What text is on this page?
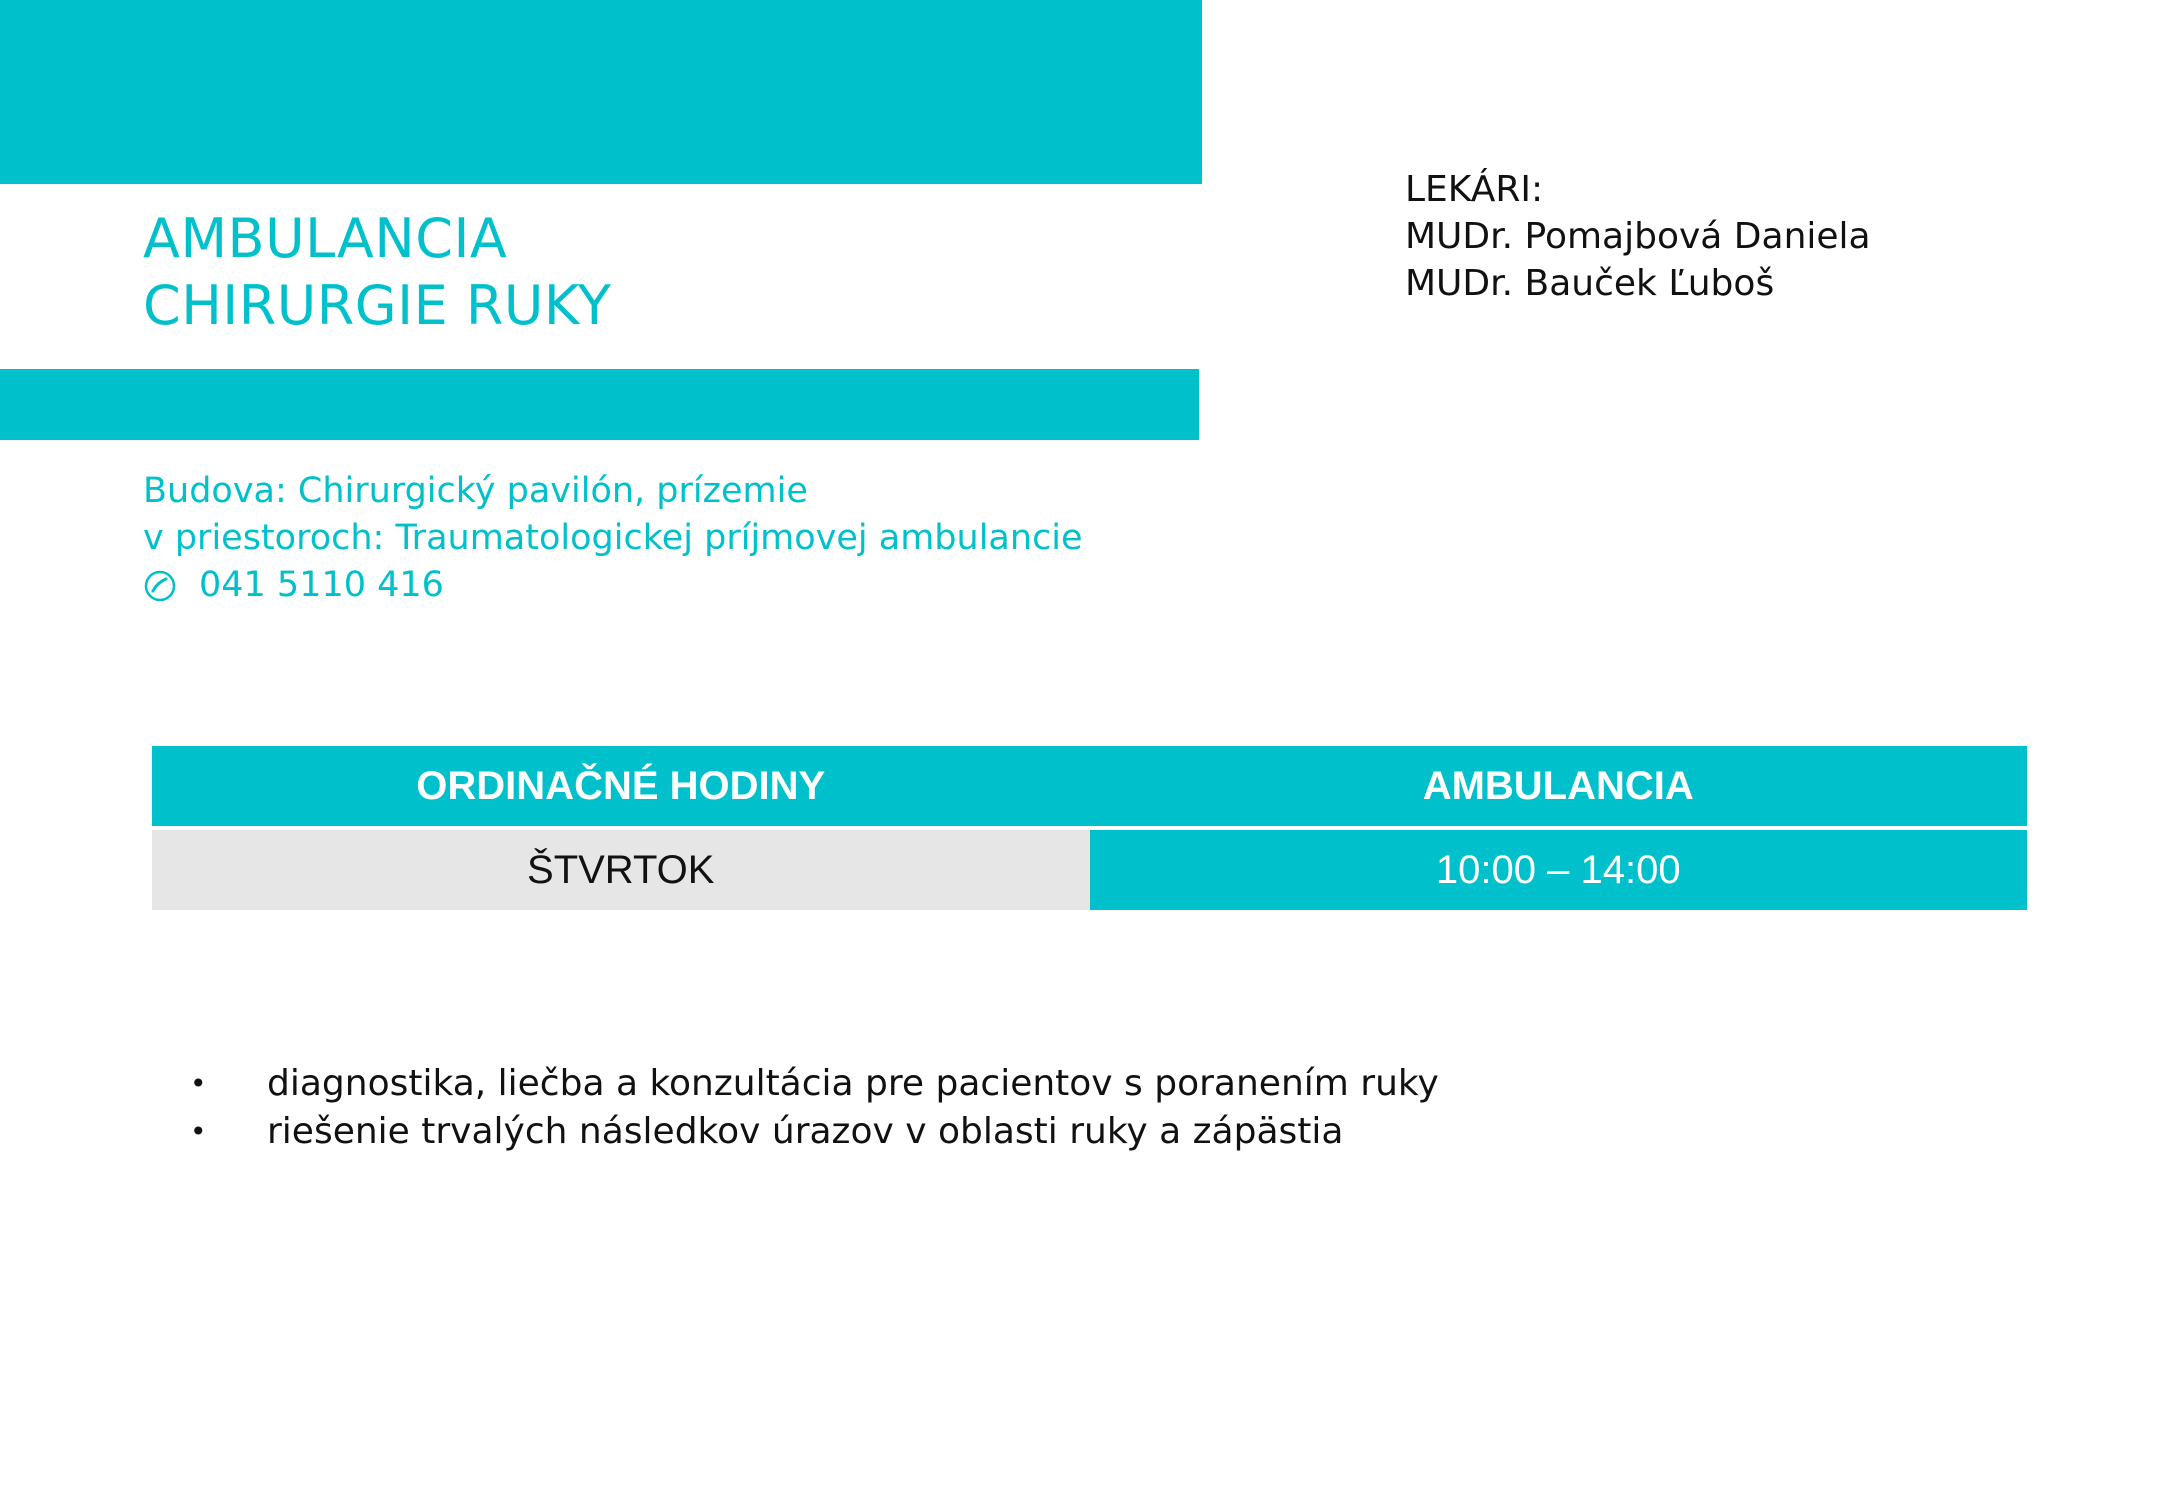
AMBULANCIA
CHIRURGIE RUKY
LEKÁRI:
MUDr. Pomajbová Daniela
MUDr. Bauček Ľuboš
Budova: Chirurgický pavilón, prízemie
v priestoroch: Traumatologickej príjmovej ambulancie
041 5110 416
ORDINAČNÉ HODINY	AMBULANCIA
ŠTVRTOK	10:00 – 14:00
•	diagnostika, liečba a konzultácia pre pacientov s poranením ruky
•	riešenie trvalých následkov úrazov v oblasti ruky a zápästia
